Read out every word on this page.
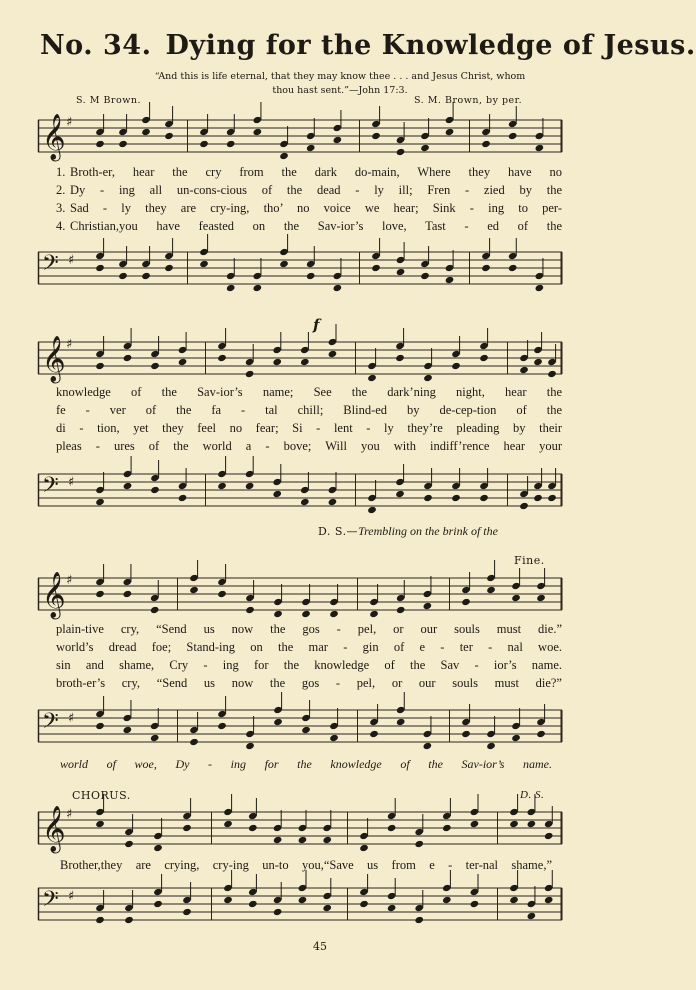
No. 34. Dying for the Knowledge of Jesus.
“And this is life eternal, that they may know thee . . . and Jesus Christ, whom
thou hast sent.”—John 17:3.
S. M Brown.	S. M. Brown, by per.
𝄞 ♯
1. Broth-er, hear the cry from the dark do-main, Where they have no
2. Dy - ing all un-cons-cious of the dead - ly ill; Fren - zied by the
3. Sad - ly they are cry-ing, tho’ no voice we hear; Sink - ing to per-
4. Christian,you have feasted on the Sav-ior’s love, Tast - ed of the
𝄢 ♯
f
𝄞 ♯
knowledge of the Sav-ior’s name; See the dark’ning night, hear the
fe - ver of the fa - tal chill; Blind-ed by de-cep-tion of the
di - tion, yet they feel no fear; Si - lent - ly they’re pleading by their
pleas - ures of the world a - bove; Will you with indiff’rence hear your
𝄢 ♯
D. S.—Trembling on the brink of the
Fine.
𝄞 ♯
plain-tive cry, “Send us now the gos - pel, or our souls must die.”
world’s dread foe; Stand-ing on the mar - gin of e - ter - nal woe.
sin and shame, Cry - ing for the knowledge of the Sav - ior’s name.
broth-er’s cry, “Send us now the gos - pel, or our souls must die?”
𝄢 ♯
world of woe, Dy - ing for the knowledge of the Sav-ior’s name.
CHORUS.	D. S.
𝄞 ♯
Brother,they are crying, cry-ing un-to you,“Save us from e - ter-nal shame,”
𝄢 ♯
45
